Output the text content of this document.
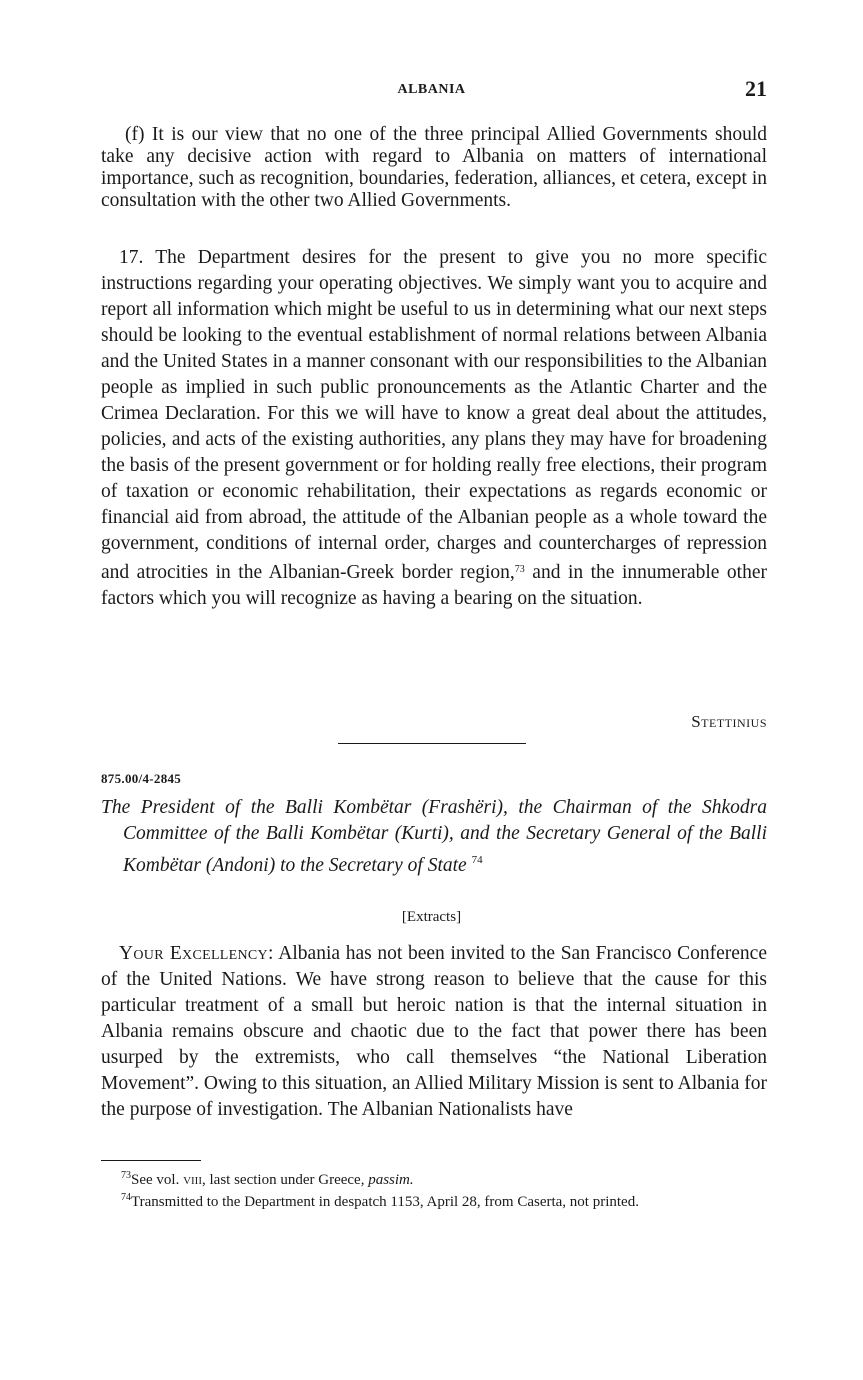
ALBANIA	21

(f) It is our view that no one of the three principal Allied Governments should take any decisive action with regard to Albania on matters of international importance, such as recognition, boundaries, federation, alliances, et cetera, except in consultation with the other two Allied Governments.

17. The Department desires for the present to give you no more specific instructions regarding your operating objectives. We simply want you to acquire and report all information which might be useful to us in determining what our next steps should be looking to the eventual establishment of normal relations between Albania and the United States in a manner consonant with our responsibilities to the Albanian people as implied in such public pronouncements as the Atlantic Charter and the Crimea Declaration. For this we will have to know a great deal about the attitudes, policies, and acts of the existing authorities, any plans they may have for broadening the basis of the present government or for holding really free elections, their program of taxation or economic rehabilitation, their expectations as regards economic or financial aid from abroad, the attitude of the Albanian people as a whole toward the government, conditions of internal order, charges and countercharges of repression and atrocities in the Albanian-Greek border region,$^{73}$ and in the innumerable other factors which you will recognize as having a bearing on the situation.

Stettinius
875.00/4-2845

The President of the Balli Kombëtar (Frashëri), the Chairman of the Shkodra Committee of the Balli Kombëtar (Kurti), and the Secretary General of the Balli Kombëtar (Andoni) to the Secretary of State $^{74}$

[Extracts]

Your Excellency: Albania has not been invited to the San Francisco Conference of the United Nations. We have strong reason to believe that the cause for this particular treatment of a small but heroic nation is that the internal situation in Albania remains obscure and chaotic due to the fact that power there has been usurped by the extremists, who call themselves “the National Liberation Movement”. Owing to this situation, an Allied Military Mission is sent to Albania for the purpose of investigation. The Albanian Nationalists have

$^{73}$See vol. viii, last section under Greece, passim.

$^{74}$Transmitted to the Department in despatch 1153, April 28, from Caserta, not printed.
